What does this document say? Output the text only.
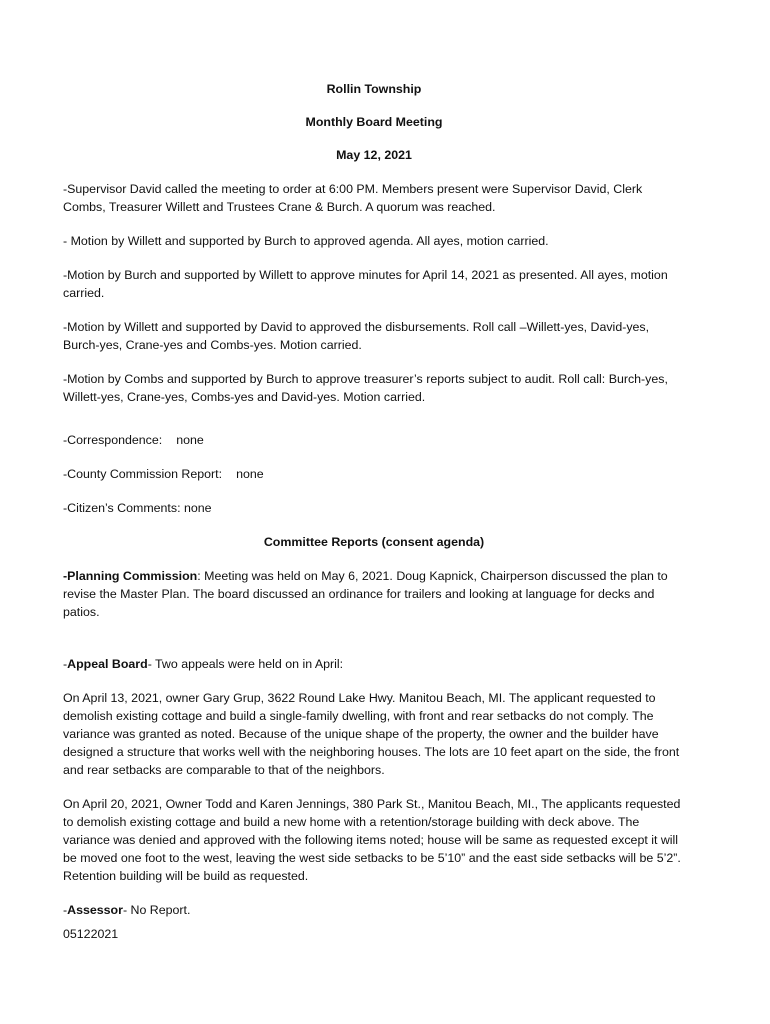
Rollin Township

Monthly Board Meeting

May 12, 2021

-Supervisor David called the meeting to order at 6:00 PM. Members present were Supervisor David, Clerk Combs, Treasurer Willett and Trustees Crane & Burch. A quorum was reached.

- Motion by Willett and supported by Burch to approved agenda. All ayes, motion carried.

-Motion by Burch and supported by Willett to approve minutes for April 14, 2021 as presented. All ayes, motion carried.

-Motion by Willett and supported by David to approved the disbursements. Roll call –Willett-yes, David-yes, Burch-yes, Crane-yes and Combs-yes. Motion carried.

-Motion by Combs and supported by Burch to approve treasurer’s reports subject to audit. Roll call: Burch-yes, Willett-yes, Crane-yes, Combs-yes and David-yes. Motion carried.

-Correspondence: none

-County Commission Report: none

-Citizen’s Comments: none

Committee Reports (consent agenda)

-Planning Commission: Meeting was held on May 6, 2021. Doug Kapnick, Chairperson discussed the plan to revise the Master Plan. The board discussed an ordinance for trailers and looking at language for decks and patios.

-Appeal Board- Two appeals were held on in April:

On April 13, 2021, owner Gary Grup, 3622 Round Lake Hwy. Manitou Beach, MI. The applicant requested to demolish existing cottage and build a single-family dwelling, with front and rear setbacks do not comply. The variance was granted as noted. Because of the unique shape of the property, the owner and the builder have designed a structure that works well with the neighboring houses. The lots are 10 feet apart on the side, the front and rear setbacks are comparable to that of the neighbors.

On April 20, 2021, Owner Todd and Karen Jennings, 380 Park St., Manitou Beach, MI., The applicants requested to demolish existing cottage and build a new home with a retention/storage building with deck above. The variance was denied and approved with the following items noted; house will be same as requested except it will be moved one foot to the west, leaving the west side setbacks to be 5’10” and the east side setbacks will be 5’2”. Retention building will be build as requested.

-Assessor- No Report.

05122021
